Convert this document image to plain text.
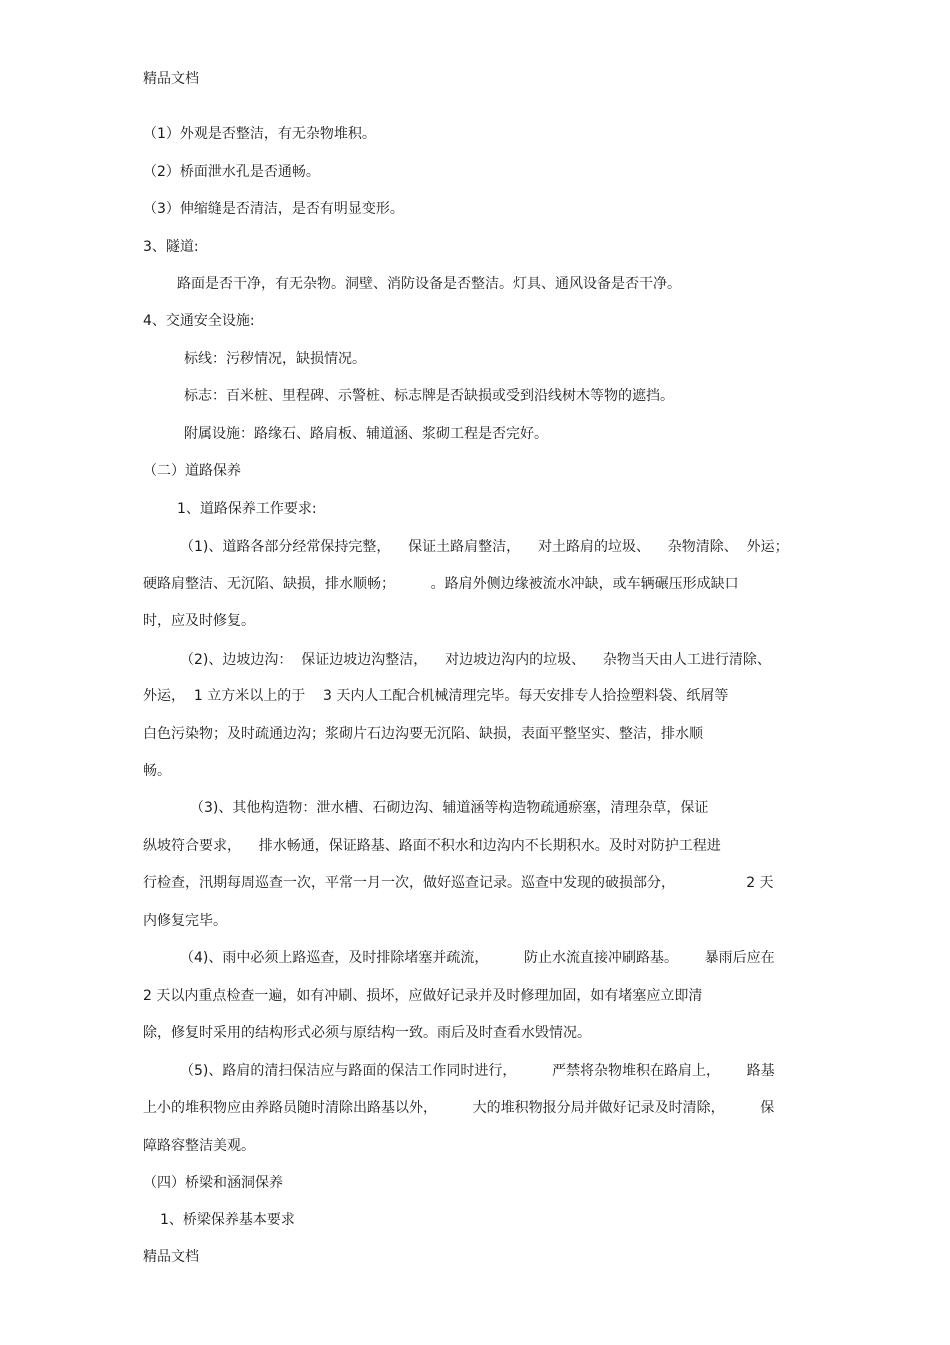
精品文档
（1）外观是否整洁，有无杂物堆积。
（2）桥面泄水孔是否通畅。
（3）伸缩缝是否清洁，是否有明显变形。
3、隧道:
路面是否干净，有无杂物。洞壁、消防设备是否整洁。灯具、通风设备是否干净。
4、交通安全设施:
标线：污秽情况，缺损情况。
标志：百米桩、里程碑、示警桩、标志牌是否缺损或受到沿线树木等物的遮挡。
附属设施：路缘石、路肩板、辅道涵、浆砌工程是否完好。
（二）道路保养
1、道路保养工作要求:
（1)、道路各部分经常保持完整，    保证土路肩整洁，    对土路肩的垃圾、    杂物清除、  外运；
硬路肩整洁、无沉陷、缺损，排水顺畅；        。路肩外侧边缘被流水冲缺，或车辆碾压形成缺口
时，应及时修复。
（2)、边坡边沟：  保证边坡边沟整洁，    对边坡边沟内的垃圾、    杂物当天由人工进行清除、
外运，  1 立方米以上的于    3 天内人工配合机械清理完毕。每天安排专人拾捡塑料袋、纸屑等
白色污染物；及时疏通边沟；浆砌片石边沟要无沉陷、缺损，表面平整坚实、整洁，排水顺
畅。
（3)、其他构造物：泄水槽、石砌边沟、辅道涵等构造物疏通瘀塞，清理杂草，保证
纵坡符合要求，    排水畅通，保证路基、路面不积水和边沟内不长期积水。及时对防护工程进
行检查，汛期每周巡查一次，平常一月一次，做好巡查记录。巡查中发现的破损部分，                2 天
内修复完毕。
（4)、雨中必须上路巡查，及时排除堵塞并疏流，        防止水流直接冲刷路基。      暴雨后应在
2 天以内重点检查一遍，如有冲刷、损坏，应做好记录并及时修理加固，如有堵塞应立即清
除，修复时采用的结构形式必须与原结构一致。雨后及时查看水毁情况。
（5)、路肩的清扫保洁应与路面的保洁工作同时进行，        严禁将杂物堆积在路肩上，      路基
上小的堆积物应由养路员随时清除出路基以外，        大的堆积物报分局并做好记录及时清除，        保
障路容整洁美观。
（四）桥梁和涵洞保养
1、桥梁保养基本要求
精品文档
